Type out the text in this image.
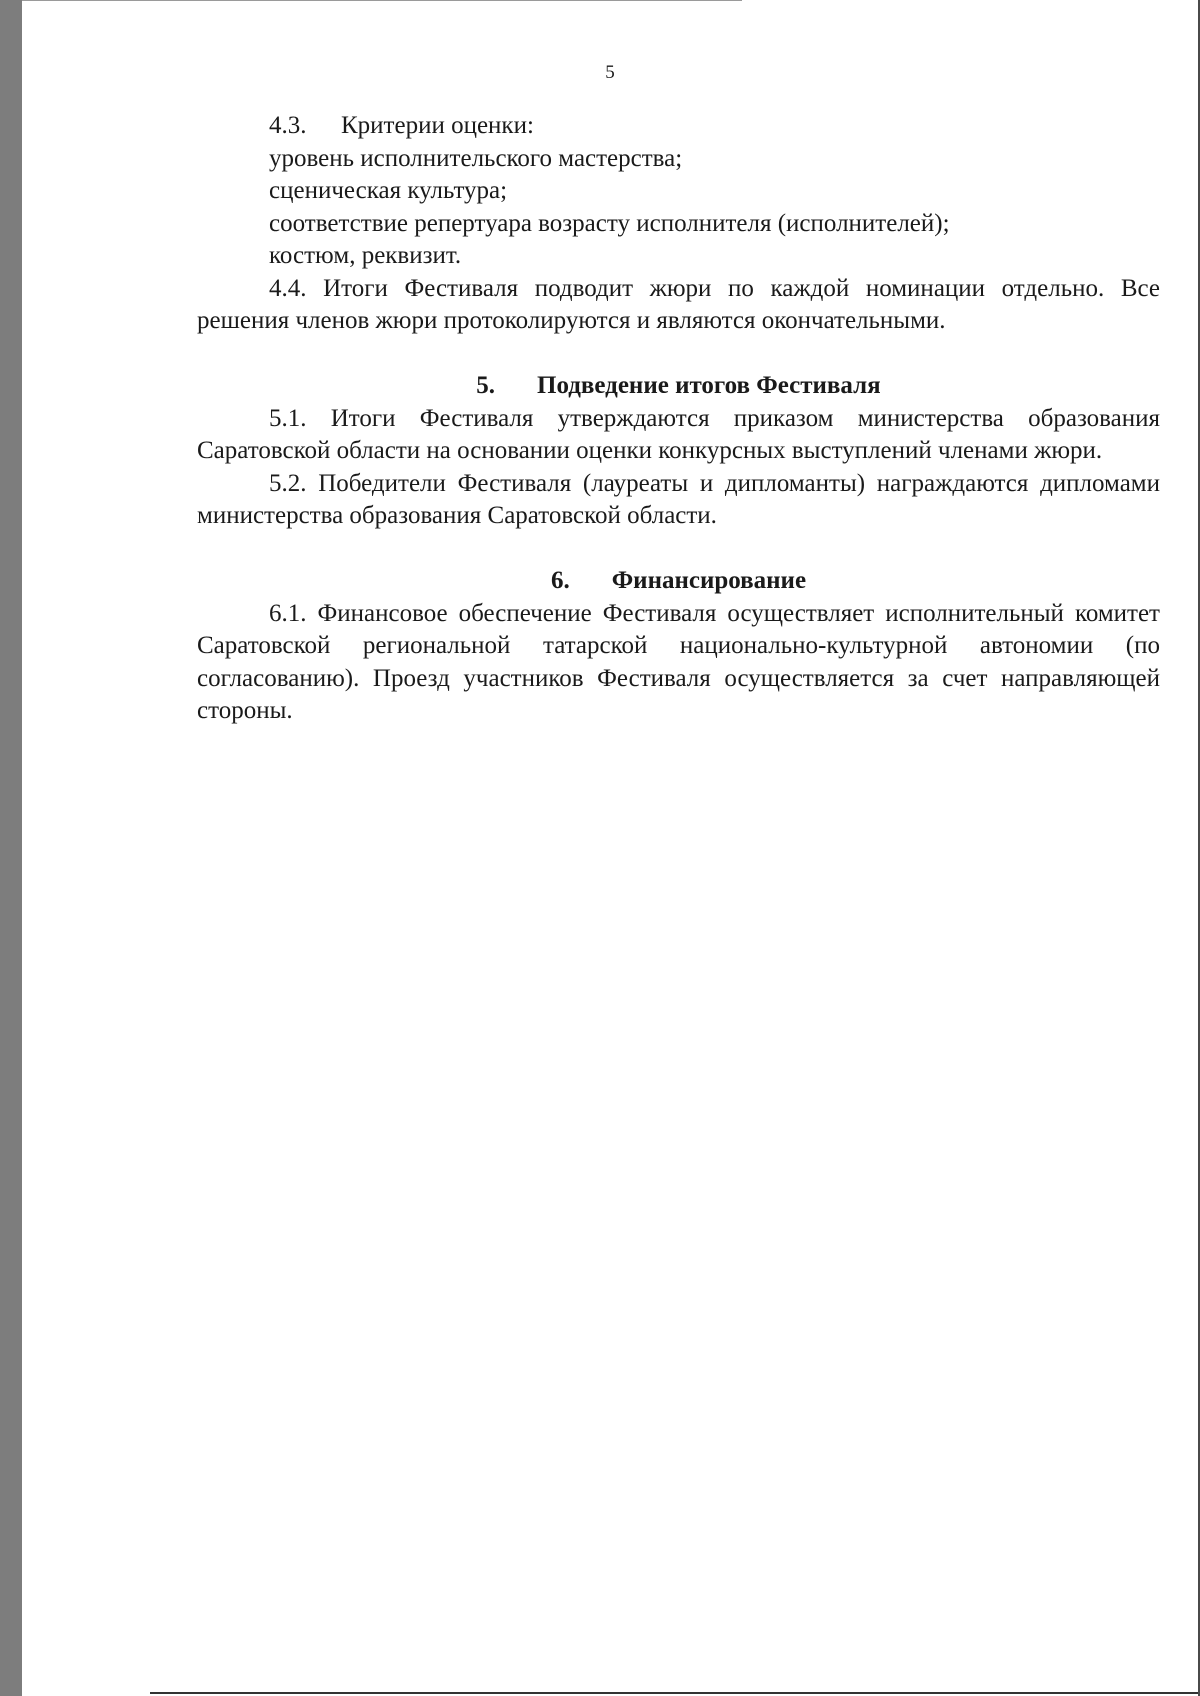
5

4.3. Критерии оценки:

уровень исполнительского мастерства;

сценическая культура;

соответствие репертуара возрасту исполнителя (исполнителей);

костюм, реквизит.

4.4. Итоги Фестиваля подводит жюри по каждой номинации отдельно. Все решения членов жюри протоколируются и являются окончательными.

5. Подведение итогов Фестиваля

5.1. Итоги Фестиваля утверждаются приказом министерства образования Саратовской области на основании оценки конкурсных выступлений членами жюри.

5.2. Победители Фестиваля (лауреаты и дипломанты) награждаются дипломами министерства образования Саратовской области.

6. Финансирование

6.1. Финансовое обеспечение Фестиваля осуществляет исполнительный комитет Саратовской региональной татарской национально-культурной автономии (по согласованию). Проезд участников Фестиваля осуществляется за счет направляющей стороны.
